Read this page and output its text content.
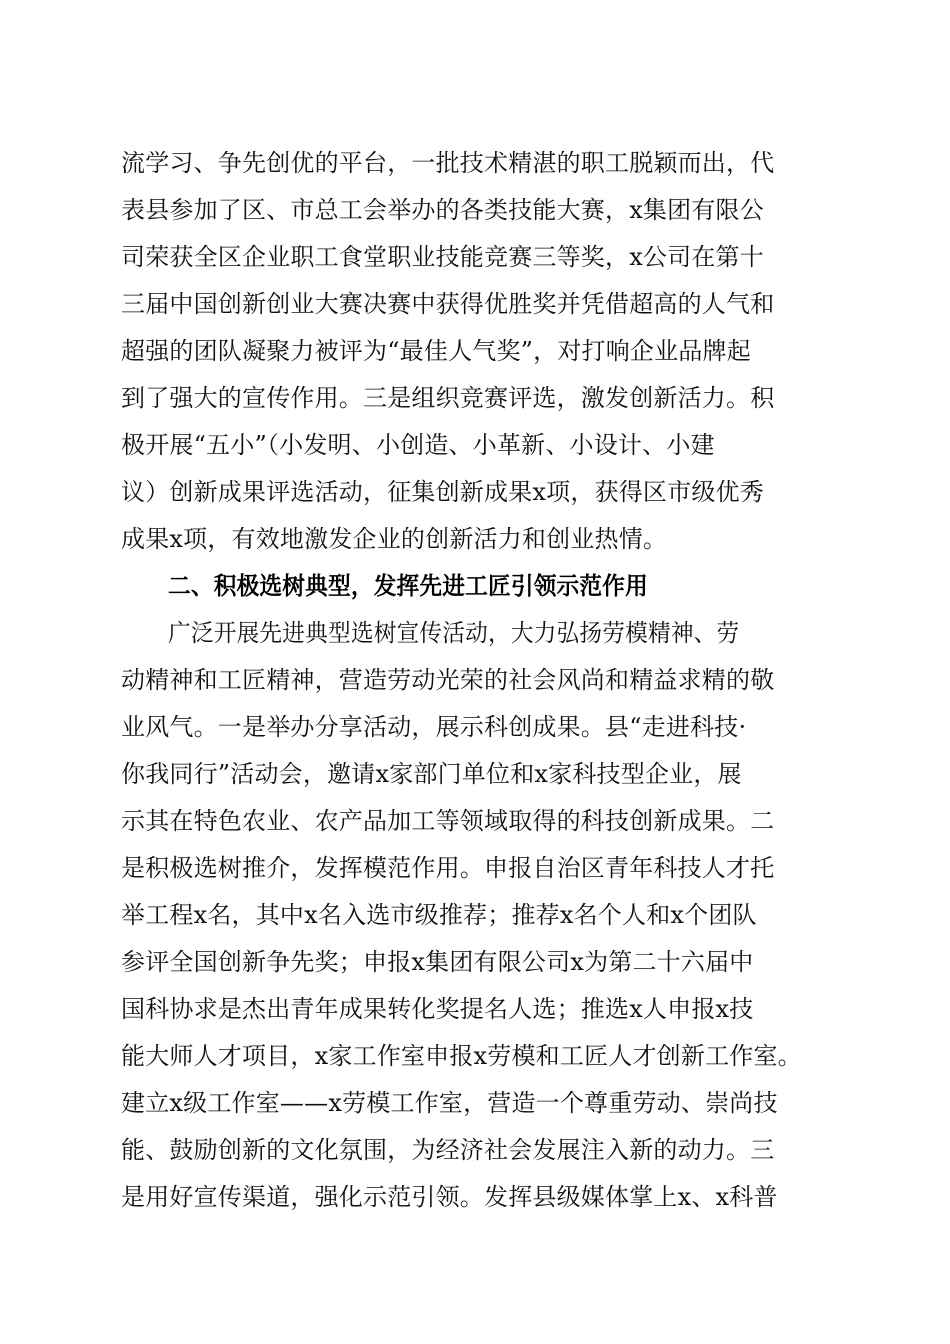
流学习、争先创优的平台，一批技术精湛的职工脱颖而出，代
表县参加了区、市总工会举办的各类技能大赛，x集团有限公
司荣获全区企业职工食堂职业技能竞赛三等奖，x公司在第十
三届中国创新创业大赛决赛中获得优胜奖并凭借超高的人气和
超强的团队凝聚力被评为“最佳人气奖”，对打响企业品牌起
到了强大的宣传作用。三是组织竞赛评选，激发创新活力。积
极开展“五小”（小发明、小创造、小革新、小设计、小建
议）创新成果评选活动，征集创新成果x项，获得区市级优秀
成果x项，有效地激发企业的创新活力和创业热情。
二、积极选树典型，发挥先进工匠引领示范作用
广泛开展先进典型选树宣传活动，大力弘扬劳模精神、劳
动精神和工匠精神，营造劳动光荣的社会风尚和精益求精的敬
业风气。一是举办分享活动，展示科创成果。县“走进科技·
你我同行”活动会，邀请x家部门单位和x家科技型企业，展
示其在特色农业、农产品加工等领域取得的科技创新成果。二
是积极选树推介，发挥模范作用。申报自治区青年科技人才托
举工程x名，其中x名入选市级推荐；推荐x名个人和x个团队
参评全国创新争先奖；申报x集团有限公司x为第二十六届中
国科协求是杰出青年成果转化奖提名人选；推选x人申报x技
能大师人才项目，x家工作室申报x劳模和工匠人才创新工作室。
建立x级工作室——x劳模工作室，营造一个尊重劳动、崇尚技
能、鼓励创新的文化氛围，为经济社会发展注入新的动力。三
是用好宣传渠道，强化示范引领。发挥县级媒体掌上x、x科普
